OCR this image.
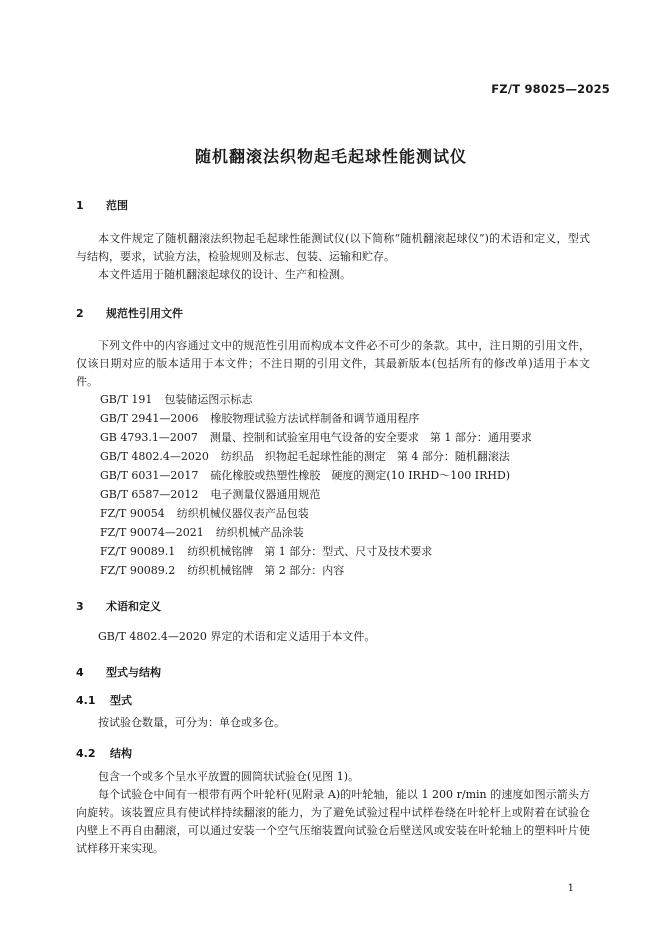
FZ/T 98025—2025
随机翻滚法织物起毛起球性能测试仪
1 范围
本文件规定了随机翻滚法织物起毛起球性能测试仪(以下简称“随机翻滚起球仪”)的术语和定义，型式与结构，要求，试验方法，检验规则及标志、包装、运输和贮存。
本文件适用于随机翻滚起球仪的设计、生产和检测。
2 规范性引用文件
下列文件中的内容通过文中的规范性引用而构成本文件必不可少的条款。其中，注日期的引用文件，仅该日期对应的版本适用于本文件；不注日期的引用文件，其最新版本(包括所有的修改单)适用于本文件。
GB/T 191 包装储运图示标志
GB/T 2941—2006 橡胶物理试验方法试样制备和调节通用程序
GB 4793.1—2007 测量、控制和试验室用电气设备的安全要求　第 1 部分：通用要求
GB/T 4802.4—2020 纺织品　织物起毛起球性能的测定　第 4 部分：随机翻滚法
GB/T 6031—2017 硫化橡胶或热塑性橡胶　硬度的测定(10 IRHD～100 IRHD)
GB/T 6587—2012 电子测量仪器通用规范
FZ/T 90054 纺织机械仪器仪表产品包装
FZ/T 90074—2021 纺织机械产品涂装
FZ/T 90089.1 纺织机械铭牌　第 1 部分：型式、尺寸及技术要求
FZ/T 90089.2 纺织机械铭牌　第 2 部分：内容
3 术语和定义
GB/T 4802.4—2020 界定的术语和定义适用于本文件。
4 型式与结构
4.1 型式
按试验仓数量，可分为：单仓或多仓。
4.2 结构
包含一个或多个呈水平放置的圆筒状试验仓(见图 1)。
每个试验仓中间有一根带有两个叶轮杆(见附录 A)的叶轮轴，能以 1 200 r/min 的速度如图示箭头方向旋转。该装置应具有使试样持续翻滚的能力，为了避免试验过程中试样卷绕在叶轮杆上或附着在试验仓内壁上不再自由翻滚，可以通过安装一个空气压缩装置向试验仓后壁送风或安装在叶轮轴上的塑料叶片使试样移开来实现。
1
